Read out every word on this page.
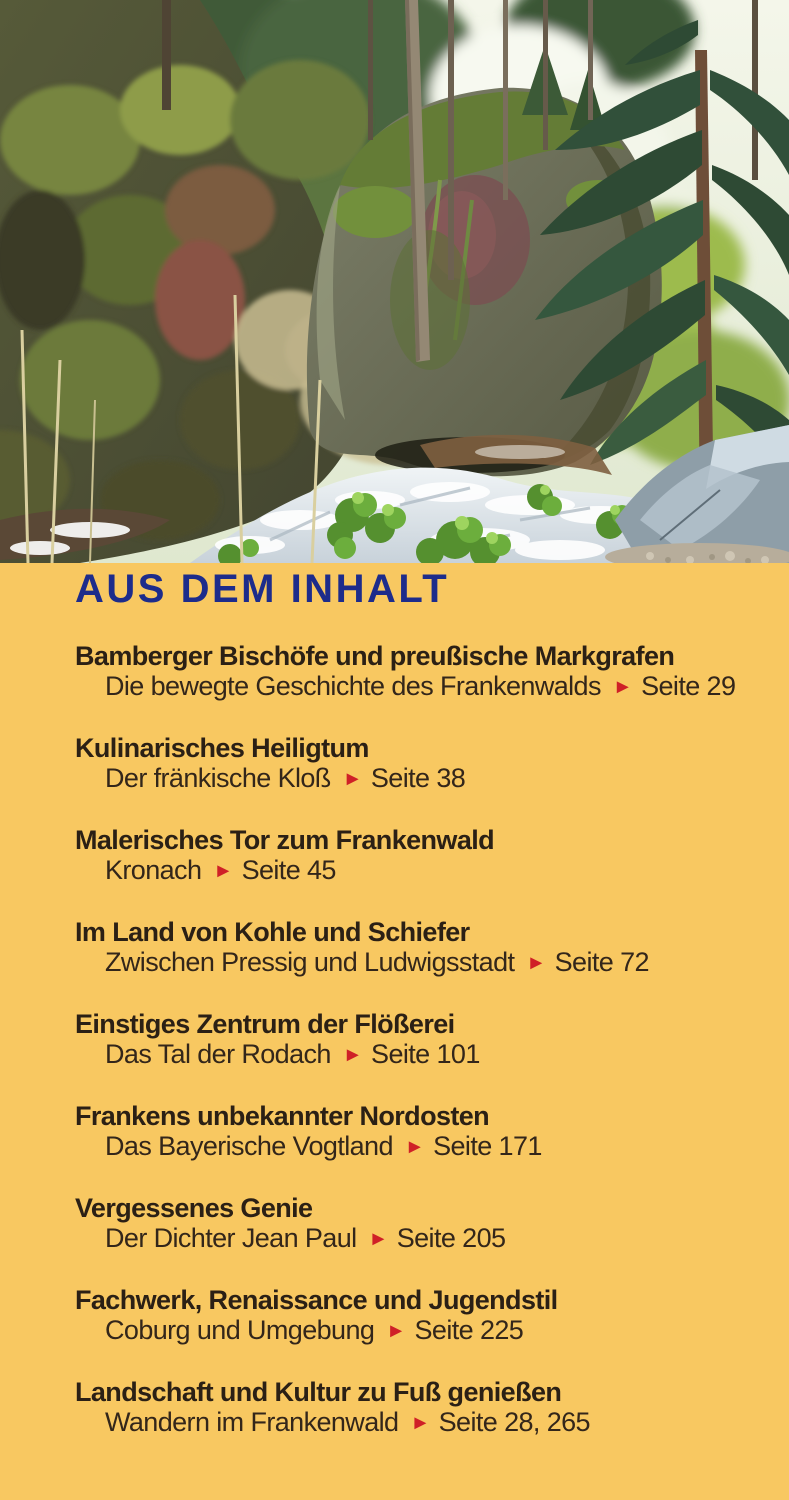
AUS DEM INHALT
Bamberger Bischöfe und preußische Markgrafen
Die bewegte Geschichte des Frankenwalds ► Seite 29
Kulinarisches Heiligtum
Der fränkische Kloß ► Seite 38
Malerisches Tor zum Frankenwald
Kronach ► Seite 45
Im Land von Kohle und Schiefer
Zwischen Pressig und Ludwigsstadt ► Seite 72
Einstiges Zentrum der Flößerei
Das Tal der Rodach ► Seite 101
Frankens unbekannter Nordosten
Das Bayerische Vogtland ► Seite 171
Vergessenes Genie
Der Dichter Jean Paul ► Seite 205
Fachwerk, Renaissance und Jugendstil
Coburg und Umgebung ► Seite 225
Landschaft und Kultur zu Fuß genießen
Wandern im Frankenwald ► Seite 28, 265
